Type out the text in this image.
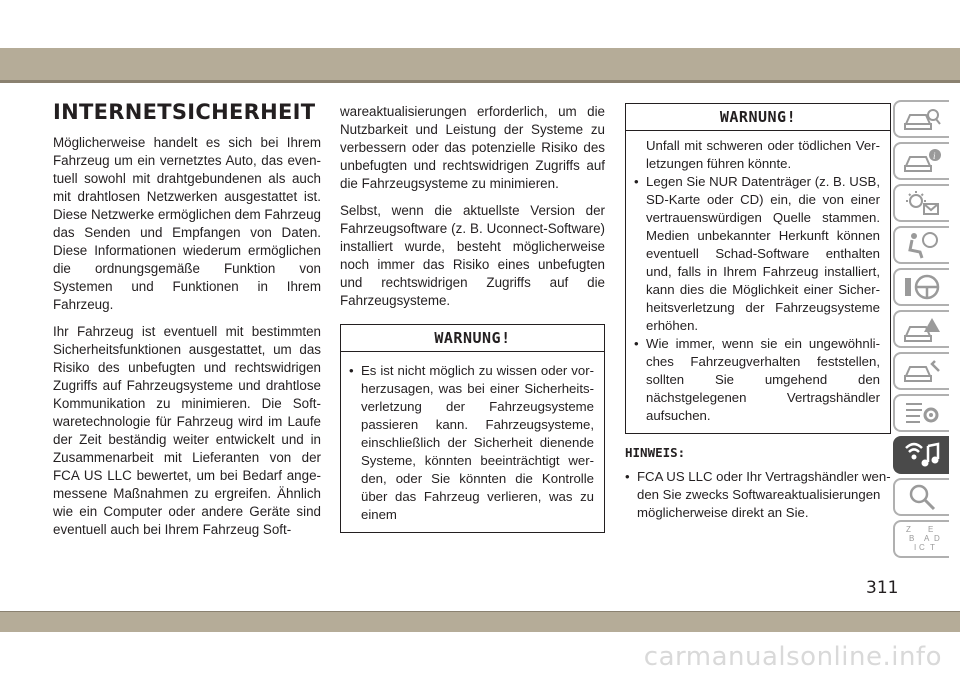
INTERNETSICHERHEIT

Möglicherweise handelt es sich bei Ihrem Fahrzeug um ein vernetztes Auto, das eventuell sowohl mit drahtgebundenen als auch mit drahtlosen Netzwerken ausgestattet ist. Diese Netzwerke ermöglichen dem Fahrzeug das Senden und Empfangen von Daten. Diese Informationen wiederum ermöglichen die ordnungsgemäße Funktion von Systemen und Funktionen in Ihrem Fahrzeug.

Ihr Fahrzeug ist eventuell mit bestimmten Sicherheitsfunktionen ausgestattet, um das Risiko des unbefugten und rechtswidrigen Zugriffs auf Fahrzeugsysteme und drahtlose Kommunikation zu minimieren. Die Softwaretechnologie für Fahrzeug wird im Laufe der Zeit beständig weiter entwickelt und in Zusammenarbeit mit Lieferanten von der FCA US LLC bewertet, um bei Bedarf angemessene Maßnahmen zu ergreifen. Ähnlich wie ein Computer oder andere Geräte sind eventuell auch bei Ihrem Fahrzeug Soft-

wareaktualisierungen erforderlich, um die Nutzbarkeit und Leistung der Systeme zu verbessern oder das potenzielle Risiko des unbefugten und rechtswidrigen Zugriffs auf die Fahrzeugsysteme zu minimieren.

Selbst, wenn die aktuellste Version der Fahrzeugsoftware (z. B. Uconnect-Software) installiert wurde, besteht möglicherweise noch immer das Risiko eines unbefugten und rechtswidrigen Zugriffs auf die Fahrzeugsysteme.

WARNUNG!
• Es ist nicht möglich zu wissen oder vorherzusagen, was bei einer Sicherheitsverletzung der Fahrzeugsysteme passieren kann. Fahrzeugsysteme, einschließlich der Sicherheit dienende Systeme, könnten beeinträchtigt werden, oder Sie könnten die Kontrolle über das Fahrzeug verlieren, was zu einem
WARNUNG!
Unfall mit schweren oder tödlichen Verletzungen führen könnte.
• Legen Sie NUR Datenträger (z. B. USB, SD-Karte oder CD) ein, die von einer vertrauenswürdigen Quelle stammen. Medien unbekannter Herkunft können eventuell Schad-Software enthalten und, falls in Ihrem Fahrzeug installiert, kann dies die Möglichkeit einer Sicherheitsverletzung der Fahrzeugsysteme erhöhen.
• Wie immer, wenn sie ein ungewöhnliches Fahrzeugverhalten feststellen, sollten Sie umgehend den nächstgelegenen Vertragshändler aufsuchen.
HINWEIS:
• FCA US LLC oder Ihr Vertragshändler wenden Sie zwecks Softwareaktualisierungen möglicherweise direkt an Sie.
i
Z E
B A
I C T
D
311
carmanualsonline.info
